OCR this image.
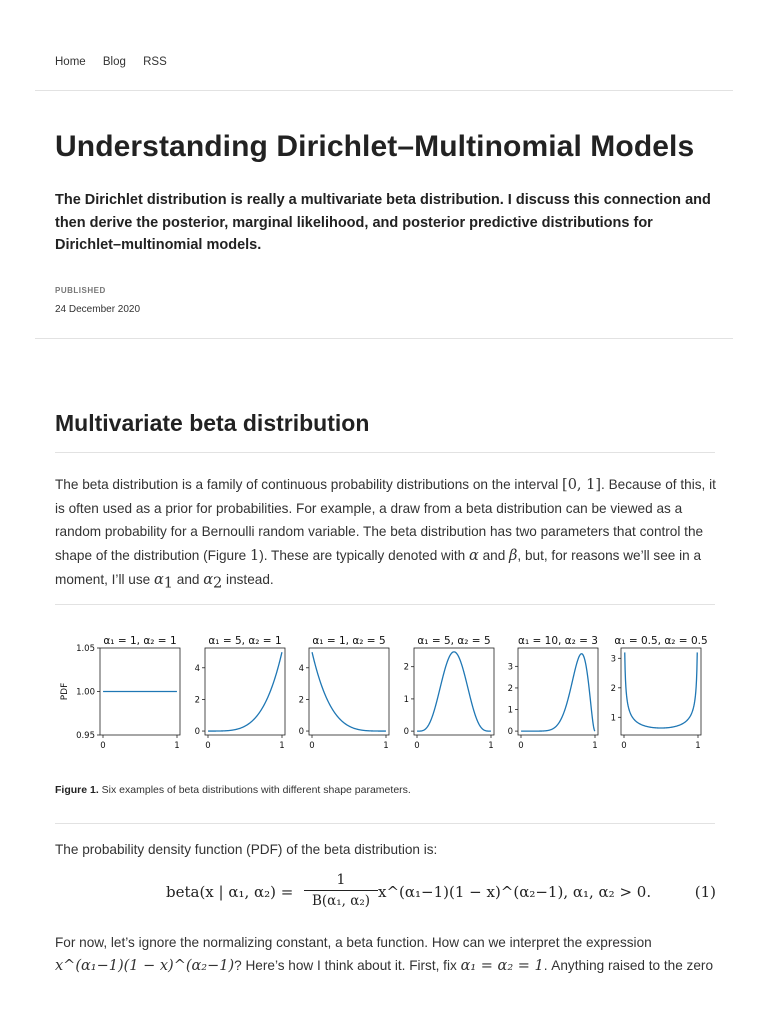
Home Blog RSS
Understanding Dirichlet–Multinomial Models

The Dirichlet distribution is really a multivariate beta distribution. I discuss this connection and then derive the posterior, marginal likelihood, and posterior predictive distributions for Dirichlet–multinomial models.

PUBLISHED
24 December 2020
Multivariate beta distribution

The beta distribution is a family of continuous probability distributions on the interval [0, 1]. Because of this, it is often used as a prior for probabilities. For example, a draw from a beta distribution can be viewed as a random probability for a Bernoulli random variable. The beta distribution has two parameters that control the shape of the distribution (Figure 1). These are typically denoted with α and β, but, for reasons we’ll see in a moment, I’ll use $\alpha_1$ and $\alpha_2$ instead.

α₁ = 1, α₂ = 1
0.95
1.00
1.05
0	1
PDF
α₁ = 5, α₂ = 1
0
2
4
0	1
α₁ = 1, α₂ = 5
0
2
4
0	1
α₁ = 5, α₂ = 5
0
1
2
0	1
α₁ = 10, α₂ = 3
0
1
2
3
0	1
α₁ = 0.5, α₂ = 0.5
1
2
3
0	1
Figure 1. Six examples of beta distributions with different shape parameters.

The probability density function (PDF) of the beta distribution is:

beta(x | α₁, α₂) =
1
B(α₁, α₂) x^(α₁−1)(1 − x)^(α₂−1), α₁, α₂ > 0.	(1)

For now, let’s ignore the normalizing constant, a beta function. How can we interpret the expression x^(α₁−1)(1 − x)^(α₂−1)? Here’s how I think about it. First, fix α₁ = α₂ = 1. Anything raised to the zero
